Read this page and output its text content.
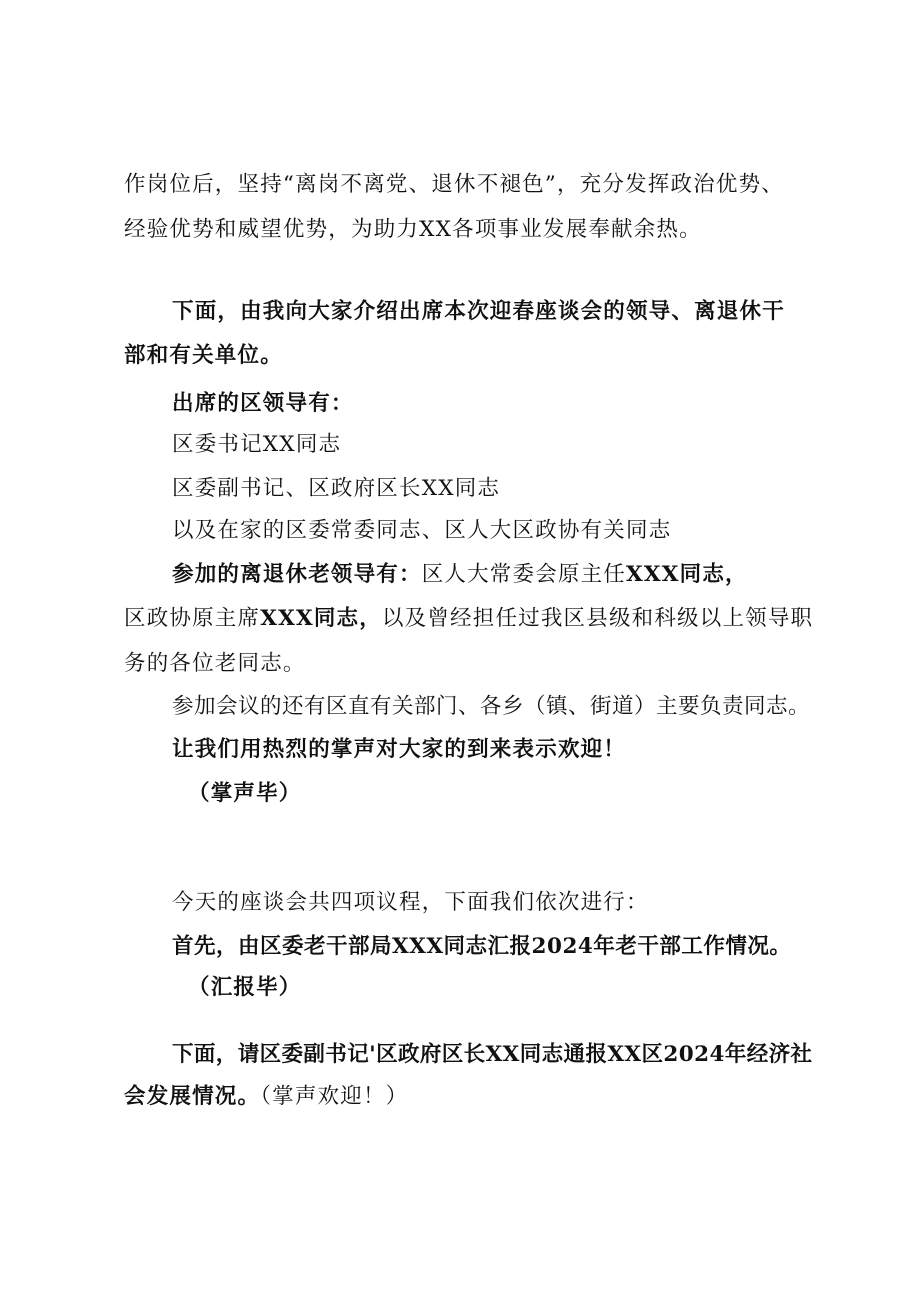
作岗位后，坚持“离岗不离党、退休不褪色”，充分发挥政治优势、
经验优势和威望优势，为助力XX各项事业发展奉献余热。
下面，由我向大家介绍出席本次迎春座谈会的领导、离退休干
部和有关单位。
出席的区领导有：
区委书记XX同志
区委副书记、区政府区长XX同志
以及在家的区委常委同志、区人大区政协有关同志
参加的离退休老领导有：区人大常委会原主任XXX同志，
区政协原主席XXX同志，以及曾经担任过我区县级和科级以上领导职
务的各位老同志。
参加会议的还有区直有关部门、各乡（镇、街道）主要负责同志。
让我们用热烈的掌声对大家的到来表示欢迎！
（掌声毕）
今天的座谈会共四项议程，下面我们依次进行：
首先，由区委老干部局XXX同志汇报2024年老干部工作情况。
（汇报毕）
下面，请区委副书记'区政府区长XX同志通报XX区2024年经济社
会发展情况。（掌声欢迎！）
